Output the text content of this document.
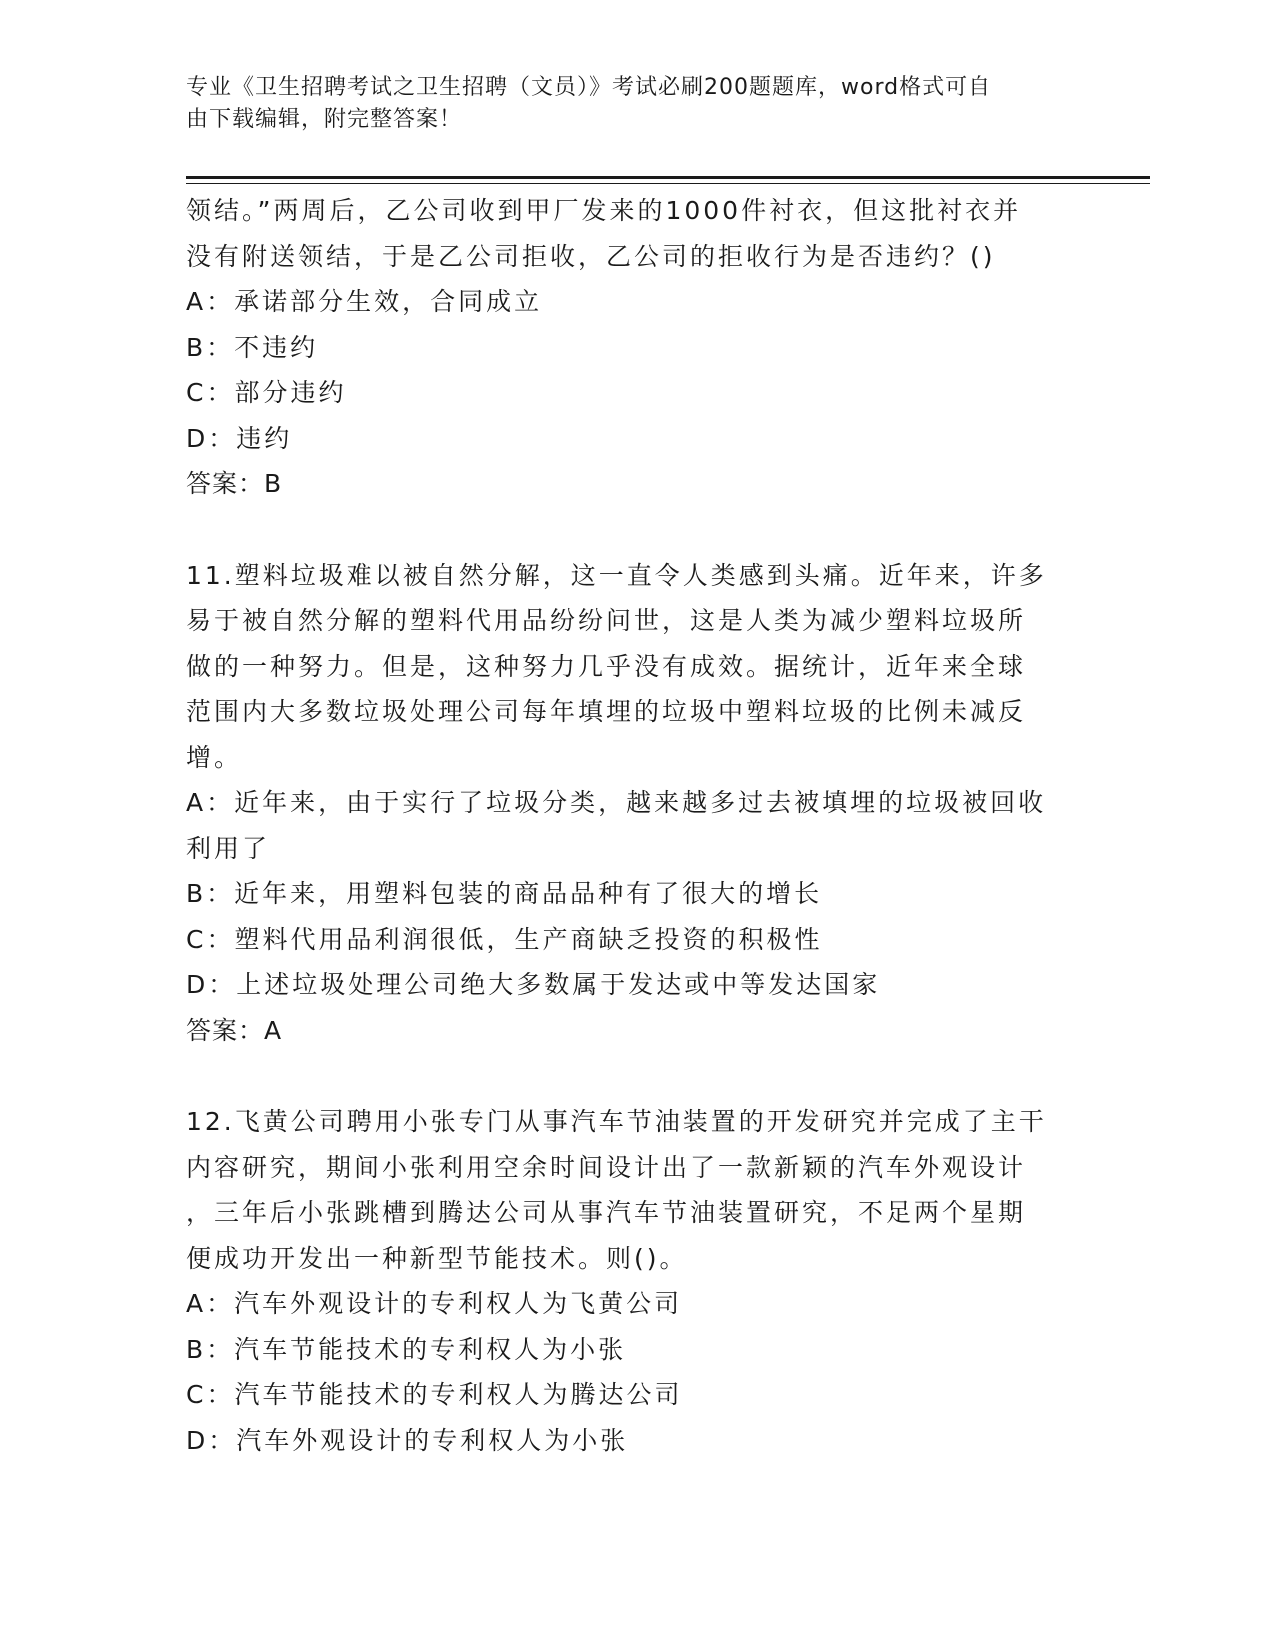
专业《卫生招聘考试之卫生招聘（文员）》考试必刷200题题库，word格式可自
由下载编辑，附完整答案！
领结。”两周后，乙公司收到甲厂发来的1000件衬衣，但这批衬衣并
没有附送领结，于是乙公司拒收，乙公司的拒收行为是否违约？()
A：承诺部分生效，合同成立
B：不违约
C：部分违约
D：违约
答案：B
11.塑料垃圾难以被自然分解，这一直令人类感到头痛。近年来，许多
易于被自然分解的塑料代用品纷纷问世，这是人类为减少塑料垃圾所
做的一种努力。但是，这种努力几乎没有成效。据统计，近年来全球
范围内大多数垃圾处理公司每年填埋的垃圾中塑料垃圾的比例未减反
增。
A：近年来，由于实行了垃圾分类，越来越多过去被填埋的垃圾被回收
利用了
B：近年来，用塑料包装的商品品种有了很大的增长
C：塑料代用品利润很低，生产商缺乏投资的积极性
D：上述垃圾处理公司绝大多数属于发达或中等发达国家
答案：A
12.飞黄公司聘用小张专门从事汽车节油装置的开发研究并完成了主干
内容研究，期间小张利用空余时间设计出了一款新颖的汽车外观设计
，三年后小张跳槽到腾达公司从事汽车节油装置研究，不足两个星期
便成功开发出一种新型节能技术。则()。
A：汽车外观设计的专利权人为飞黄公司
B：汽车节能技术的专利权人为小张
C：汽车节能技术的专利权人为腾达公司
D：汽车外观设计的专利权人为小张
